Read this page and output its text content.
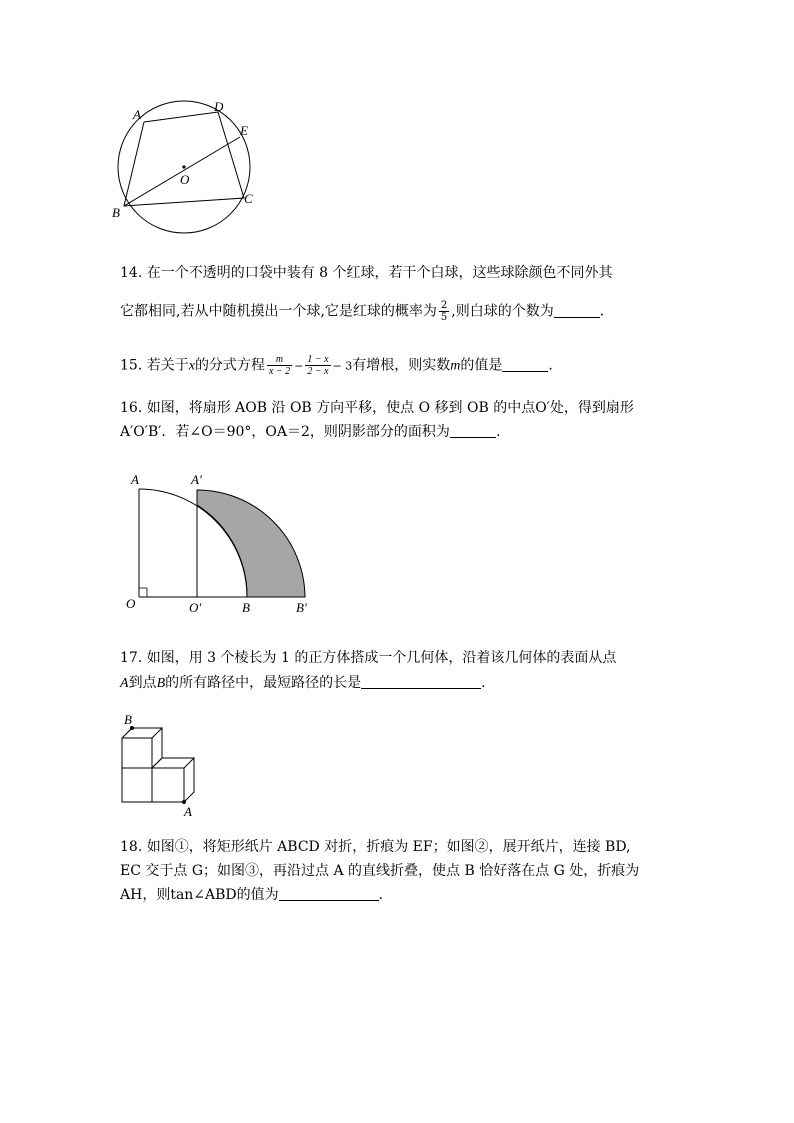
A
D
E
O
C
B
14. 在一个不透明的口袋中装有 8 个红球，若干个白球，这些球除颜色不同外其
它都相同,若从中随机摸出一个球,它是红球的概率为 $\frac{2}{5}$ ,则白球的个数为	.
15. 若关于x的分式方程 $\frac{m}{x - 2} - \frac{1 - x}{2 - x} - 3$有增根，则实数m的值是	.
16. 如图，将扇形 AOB 沿 OB 方向平移，使点 O 移到 OB 的中点O′处，得到扇形
A′O′B′．若∠O＝90°，OA＝2，则阴影部分的面积为	.
A	A′
O	O′	B	B′
17. 如图，用 3 个棱长为 1 的正方体搭成一个几何体，沿着该几何体的表面从点
A到点B的所有路径中，最短路径的长是	.
B
A
18. 如图①，将矩形纸片 ABCD 对折，折痕为 EF；如图②，展开纸片，连接 BD,
EC 交于点 G；如图③，再沿过点 A 的直线折叠，使点 B 恰好落在点 G 处，折痕为
AH，则tan∠ABD的值为	.
